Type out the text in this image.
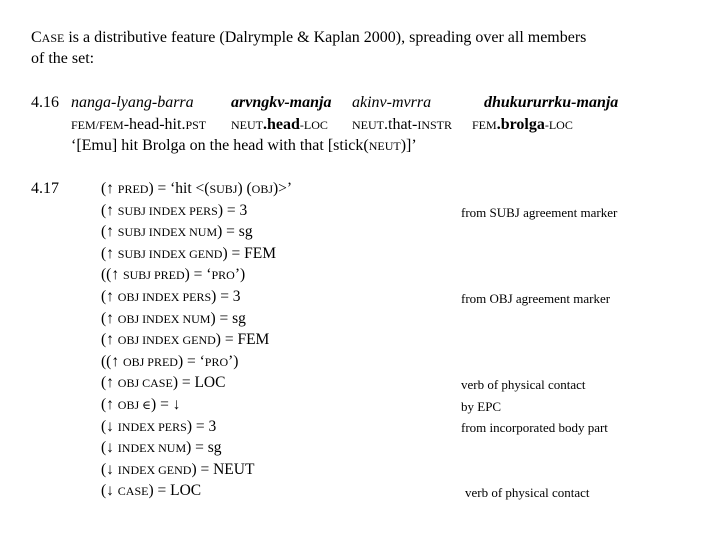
CASE is a distributive feature (Dalrymple & Kaplan 2000), spreading over all members
of the set:
4.16 nanga-lyang-barra arvngkv-manja akinv-mvrra	dhukururrku-manja
FEM/FEM-head-hit.PST NEUT.head-LOC NEUT.that-INSTR FEM.brolga-LOC
‘[Emu] hit Brolga on the head with that [stick(NEUT)]’
4.17	(↑ PRED) = ‘hit <(SUBJ) (OBJ)>’
(↑ SUBJ INDEX PERS) = 3
(↑ SUBJ INDEX NUM) = sg
(↑ SUBJ INDEX GEND) = FEM
((↑ SUBJ PRED) = ‘PRO’)
(↑ OBJ INDEX PERS) = 3
(↑ OBJ INDEX NUM) = sg
(↑ OBJ INDEX GEND) = FEM
((↑ OBJ PRED) = ‘PRO’)
(↑ OBJ CASE) = LOC
(↑ OBJ ∈) = ↓
(↓ INDEX PERS) = 3
(↓ INDEX NUM) = sg
(↓ INDEX GEND) = NEUT
(↓ CASE) = LOC
from SUBJ agreement marker
from OBJ agreement marker
verb of physical contact
by EPC
from incorporated body part
verb of physical contact
